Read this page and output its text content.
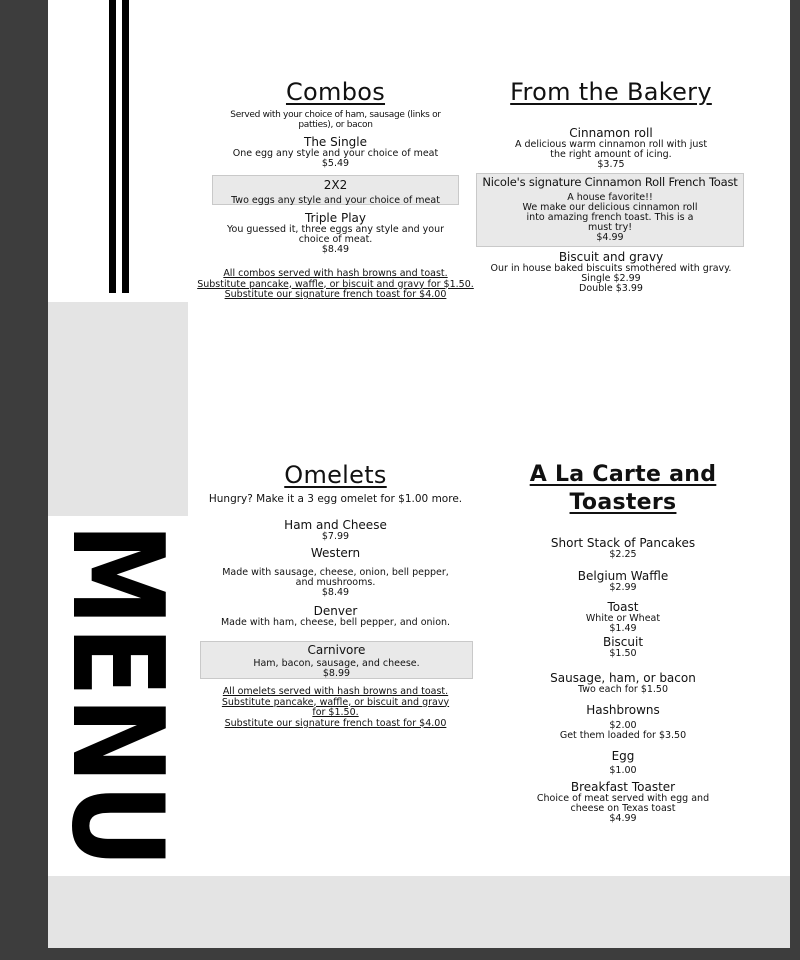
MENU
Combos
Served with your choice of ham, sausage (links or patties), or bacon
The Single
One egg any style and your choice of meat
$5.49
2X2
Two eggs any style and your choice of meat
Triple Play
You guessed it, three eggs any style and your choice of meat.
$8.49
All combos served with hash browns and toast.
Substitute pancake, waffle, or biscuit and gravy for $1.50.
Substitute our signature french toast for $4.00
From the Bakery
Cinnamon roll
A delicious warm cinnamon roll with just the right amount of icing.
$3.75
Nicole's signature Cinnamon Roll French Toast
A house favorite!!
We make our delicious cinnamon roll into amazing french toast. This is a must try!
$4.99
Biscuit and gravy
Our in house baked biscuits smothered with gravy.
Single $2.99
Double $3.99
Omelets
Hungry? Make it a 3 egg omelet for $1.00 more.
Ham and Cheese
$7.99
Western
Made with sausage, cheese, onion, bell pepper, and mushrooms.
$8.49
Denver
Made with ham, cheese, bell pepper, and onion.
Carnivore
Ham, bacon, sausage, and cheese.
$8.99
All omelets served with hash browns and toast.
Substitute pancake, waffle, or biscuit and gravy for $1.50.
Substitute our signature french toast for $4.00
A La Carte and Toasters
Short Stack of Pancakes
$2.25
Belgium Waffle
$2.99
Toast
White or Wheat
$1.49
Biscuit
$1.50
Sausage, ham, or bacon
Two each for $1.50
Hashbrowns
$2.00
Get them loaded for $3.50
Egg
$1.00
Breakfast Toaster
Choice of meat served with egg and cheese on Texas toast
$4.99
